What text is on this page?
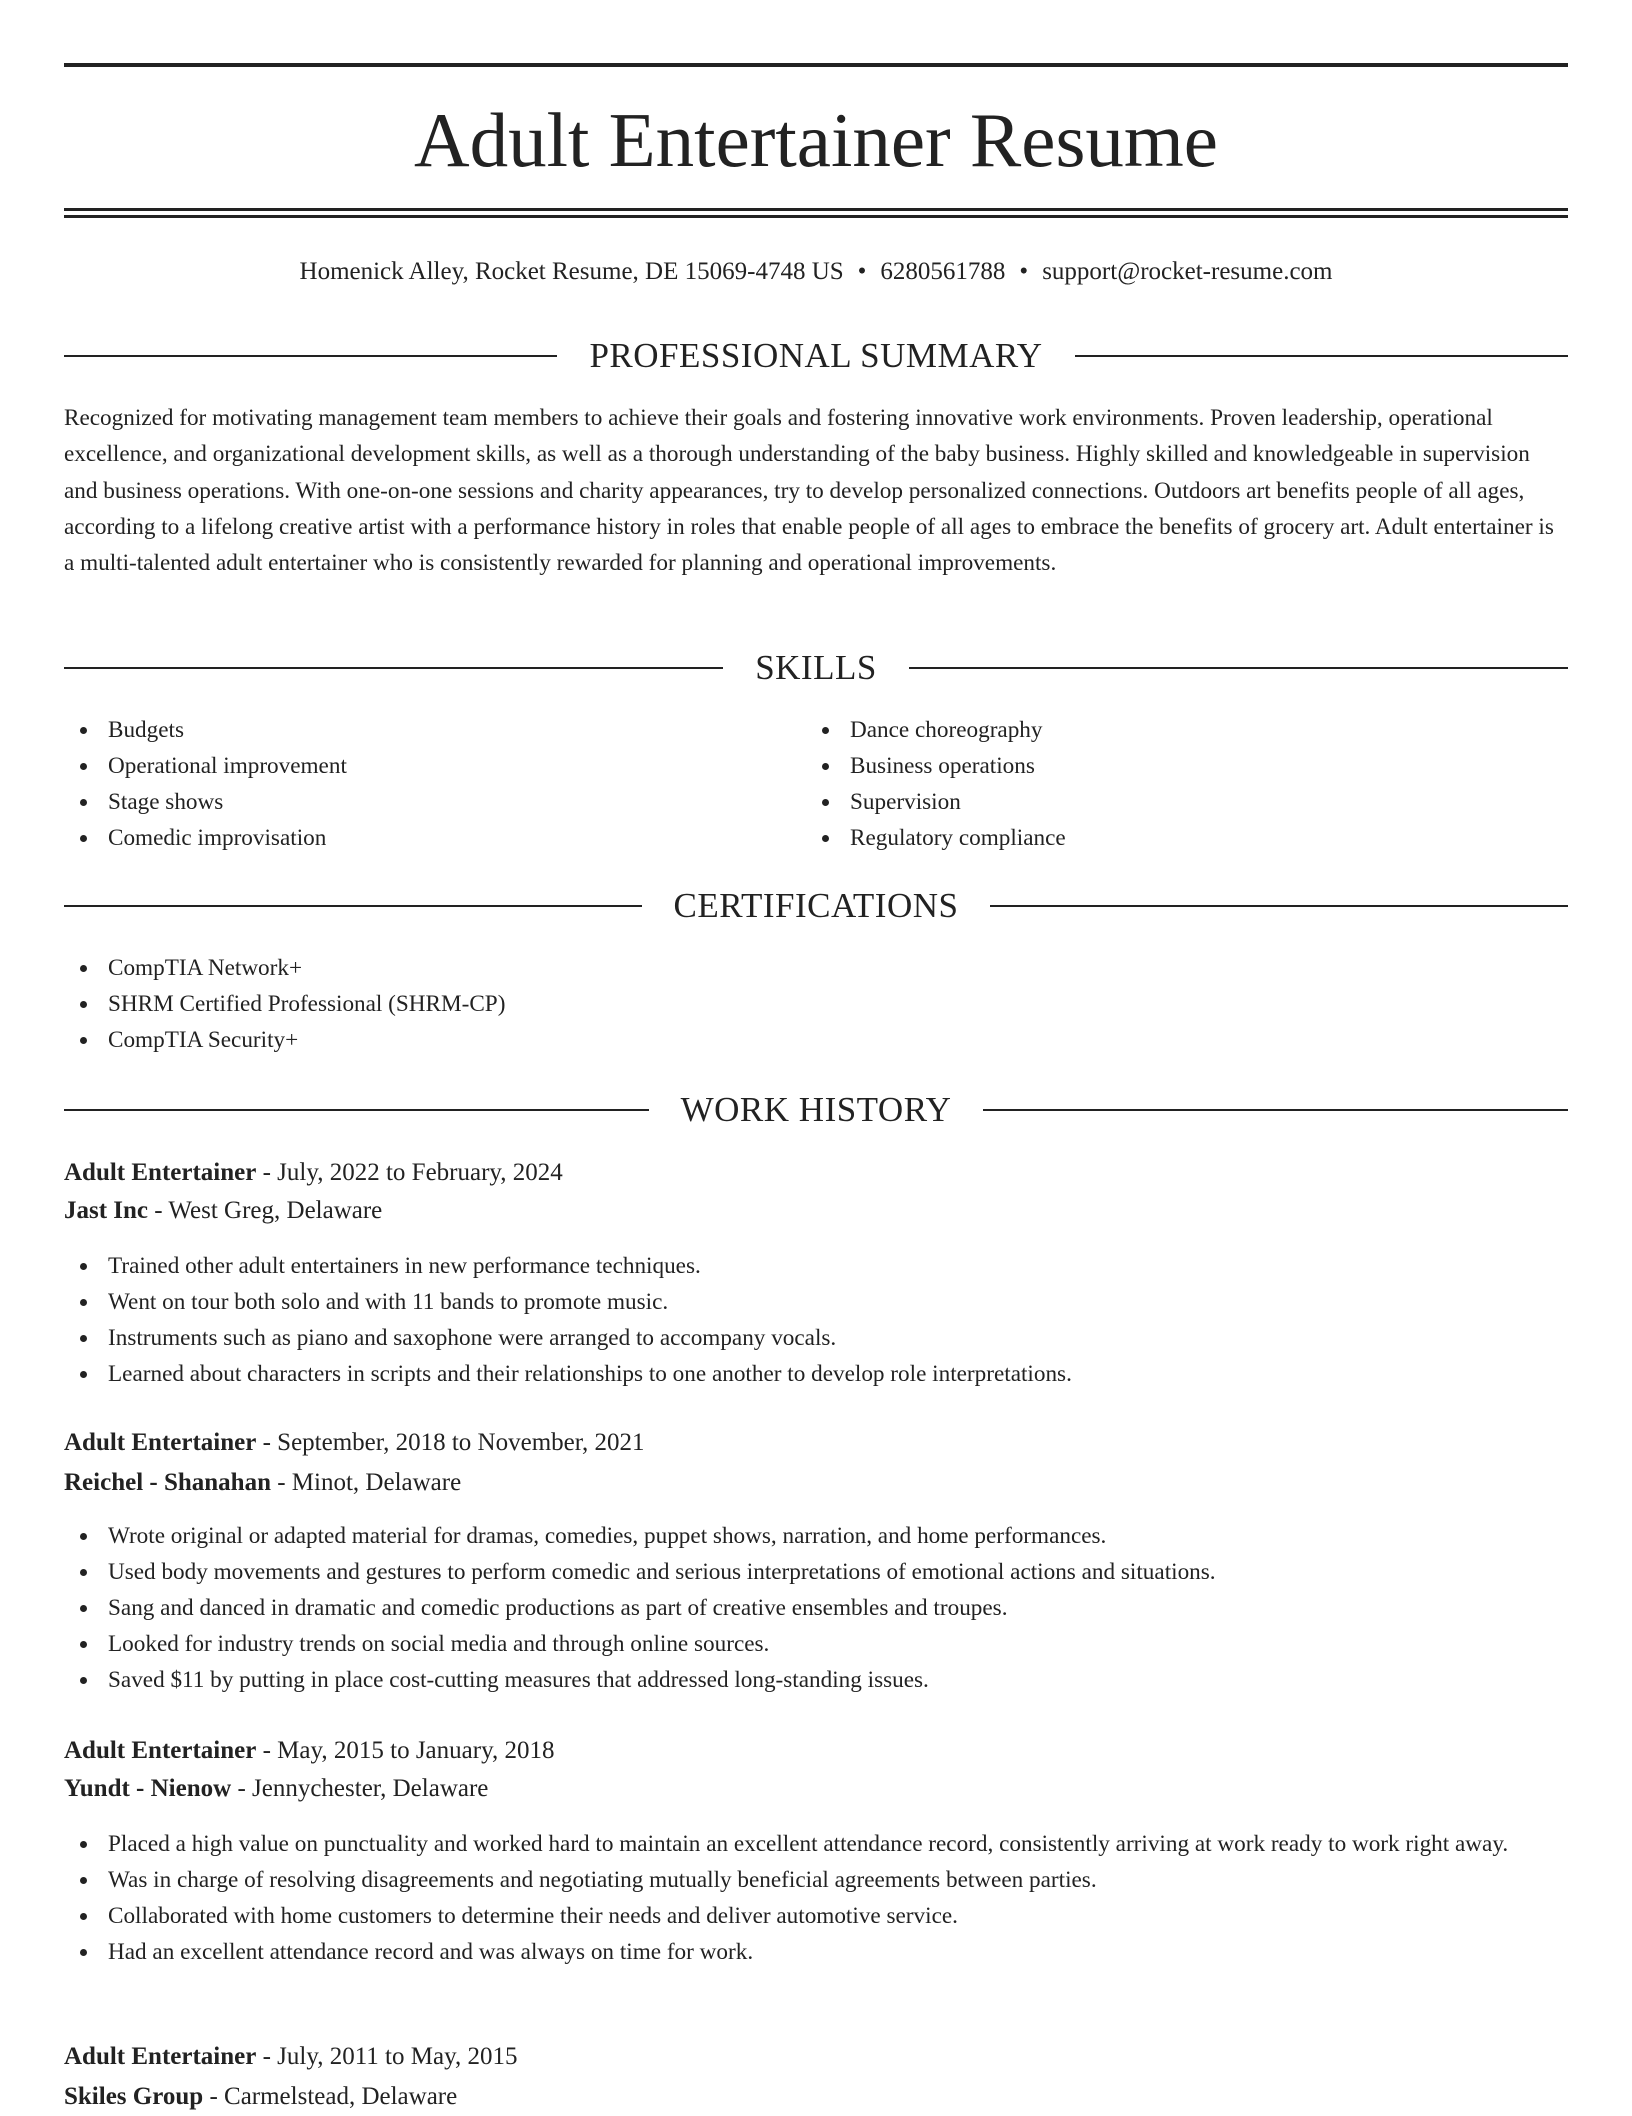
Adult Entertainer Resume
Homenick Alley, Rocket Resume, DE 15069-4748 US • 6280561788 • support@rocket-resume.com
PROFESSIONAL SUMMARY

Recognized for motivating management team members to achieve their goals and fostering innovative work environments. Proven leadership, operational excellence, and organizational development skills, as well as a thorough understanding of the baby business. Highly skilled and knowledgeable in supervision and business operations. With one-on-one sessions and charity appearances, try to develop personalized connections. Outdoors art benefits people of all ages, according to a lifelong creative artist with a performance history in roles that enable people of all ages to embrace the benefits of grocery art. Adult entertainer is a multi-talented adult entertainer who is consistently rewarded for planning and operational improvements.

SKILLS
Budgets
Operational improvement
Stage shows
Comedic improvisation
Dance choreography
Business operations
Supervision
Regulatory compliance
CERTIFICATIONS
CompTIA Network+
SHRM Certified Professional (SHRM-CP)
CompTIA Security+
WORK HISTORY
Adult Entertainer - July, 2022 to February, 2024
Jast Inc - West Greg, Delaware
Trained other adult entertainers in new performance techniques.
Went on tour both solo and with 11 bands to promote music.
Instruments such as piano and saxophone were arranged to accompany vocals.
Learned about characters in scripts and their relationships to one another to develop role interpretations.
Adult Entertainer - September, 2018 to November, 2021
Reichel - Shanahan - Minot, Delaware
Wrote original or adapted material for dramas, comedies, puppet shows, narration, and home performances.
Used body movements and gestures to perform comedic and serious interpretations of emotional actions and situations.
Sang and danced in dramatic and comedic productions as part of creative ensembles and troupes.
Looked for industry trends on social media and through online sources.
Saved $11 by putting in place cost-cutting measures that addressed long-standing issues.
Adult Entertainer - May, 2015 to January, 2018
Yundt - Nienow - Jennychester, Delaware
Placed a high value on punctuality and worked hard to maintain an excellent attendance record, consistently arriving at work ready to work right away.
Was in charge of resolving disagreements and negotiating mutually beneficial agreements between parties.
Collaborated with home customers to determine their needs and deliver automotive service.
Had an excellent attendance record and was always on time for work.
Adult Entertainer - July, 2011 to May, 2015
Skiles Group - Carmelstead, Delaware
